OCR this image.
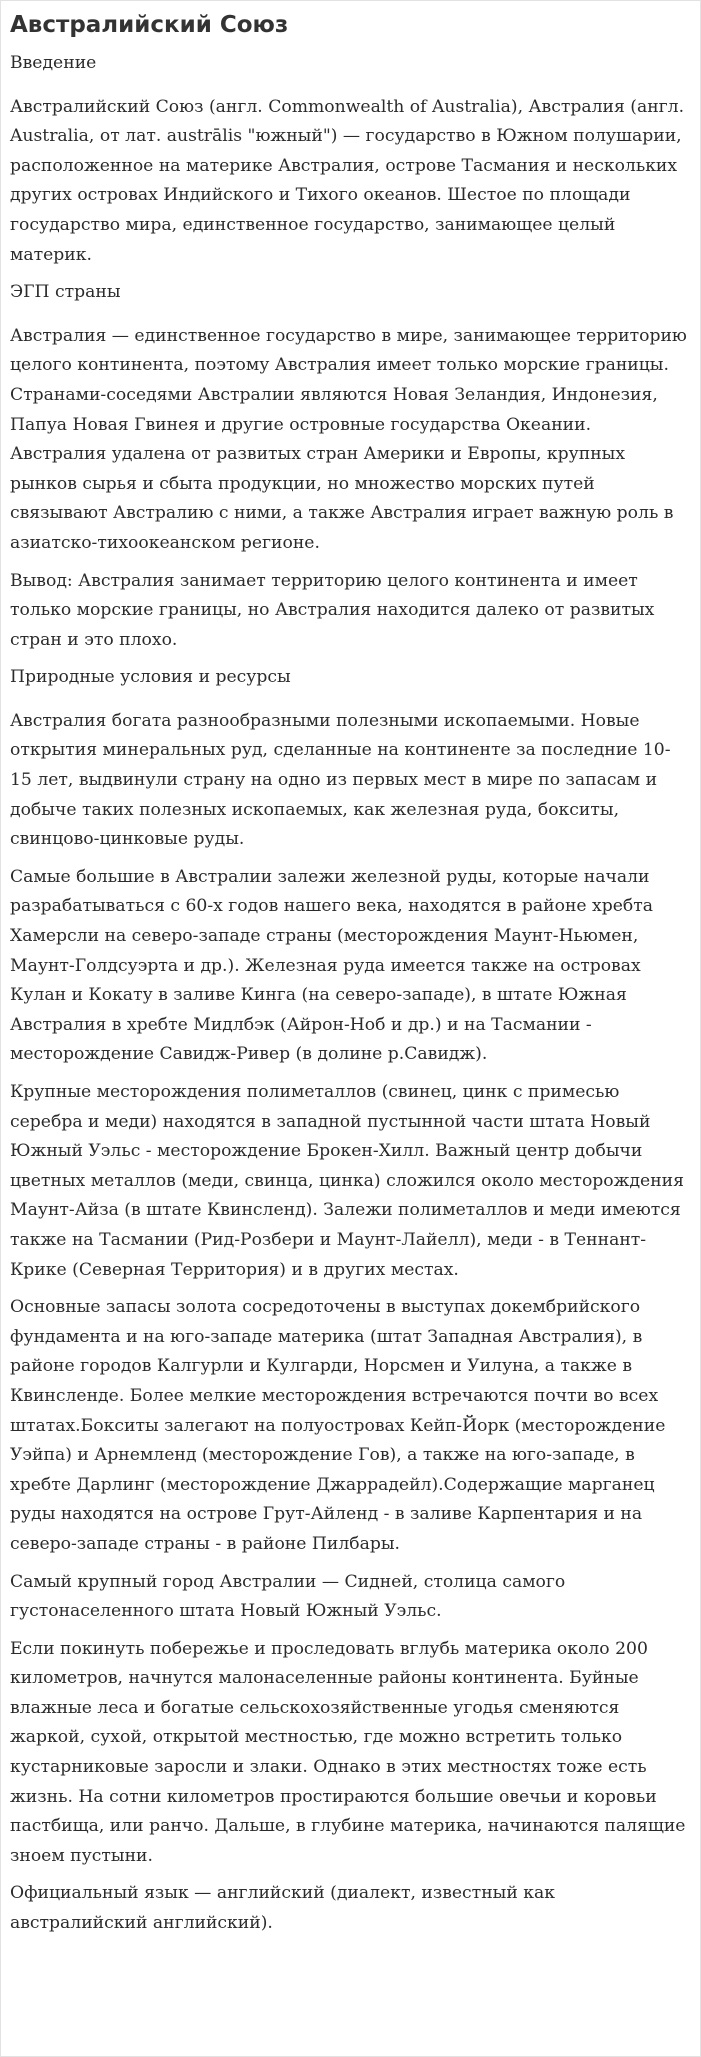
Австралийский Союз
Введение
Австралийский Союз (англ. Commonwealth of Australia), Австралия (англ. Australia, от лат. austrālis "южный") — государство в Южном полушарии, расположенное на материке Австралия, острове Тасмания и нескольких других островах Индийского и Тихого океанов. Шестое по площади государство мира, единственное государство, занимающее целый материк.
ЭГП страны
Австралия — единственное государство в мире, занимающее территорию целого континента, поэтому Австралия имеет только морские границы. Странами-соседями Австралии являются Новая Зеландия, Индонезия, Папуа Новая Гвинея и другие островные государства Океании. Австралия удалена от развитых стран Америки и Европы, крупных рынков сырья и сбыта продукции, но множество морских путей связывают Австралию с ними, а также Австралия играет важную роль в азиатско-тихоокеанском регионе.
Вывод: Австралия занимает территорию целого континента и имеет только морские границы, но Австралия находится далеко от развитых стран и это плохо.
Природные условия и ресурсы
Австралия богата разнообразными полезными ископаемыми. Новые открытия минеральных руд, сделанные на континенте за последние 10-15 лет, выдвинули страну на одно из первых мест в мире по запасам и добыче таких полезных ископаемых, как железная руда, бокситы, свинцово-цинковые руды.
Самые большие в Австралии залежи железной руды, которые начали разрабатываться с 60-х годов нашего века, находятся в районе хребта Хамерсли на северо-западе страны (месторождения Маунт-Ньюмен, Маунт-Голдсуэрта и др.). Железная руда имеется также на островах Кулан и Кокату в заливе Кинга (на северо-западе), в штате Южная Австралия в хребте Мидлбэк (Айрон-Ноб и др.) и на Тасмании - месторождение Савидж-Ривер (в долине р.Савидж).
Крупные месторождения полиметаллов (свинец, цинк с примесью серебра и меди) находятся в западной пустынной части штата Новый Южный Уэльс - месторождение Брокен-Хилл. Важный центр добычи цветных металлов (меди, свинца, цинка) сложился около месторождения Маунт-Айза (в штате Квинсленд). Залежи полиметаллов и меди имеются также на Тасмании (Рид-Розбери и Маунт-Лайелл), меди - в Теннант-Крике (Северная Территория) и в других местах.
Основные запасы золота сосредоточены в выступах докембрийского фундамента и на юго-западе материка (штат Западная Австралия), в районе городов Калгурли и Кулгарди, Норсмен и Уилуна, а также в Квинсленде. Более мелкие месторождения встречаются почти во всех штатах.Бокситы залегают на полуостровах Кейп-Йорк (месторождение Уэйпа) и Арнемленд (месторождение Гов), а также на юго-западе, в хребте Дарлинг (месторождение Джаррадейл).Содержащие марганец руды находятся на острове Грут-Айленд - в заливе Карпентария и на северо-западе страны - в районе Пилбары.
Самый крупный город Австралии — Сидней, столица самого густонаселенного штата Новый Южный Уэльс.
Если покинуть побережье и проследовать вглубь материка около 200 километров, начнутся малонаселенные районы континента. Буйные влажные леса и богатые сельскохозяйственные угодья сменяются жаркой, сухой, открытой местностью, где можно встретить только кустарниковые заросли и злаки. Однако в этих местностях тоже есть жизнь. На сотни километров простираются большие овечьи и коровьи пастбища, или ранчо. Дальше, в глубине материка, начинаются палящие зноем пустыни.
Официальный язык — английский (диалект, известный как австралийский английский).
